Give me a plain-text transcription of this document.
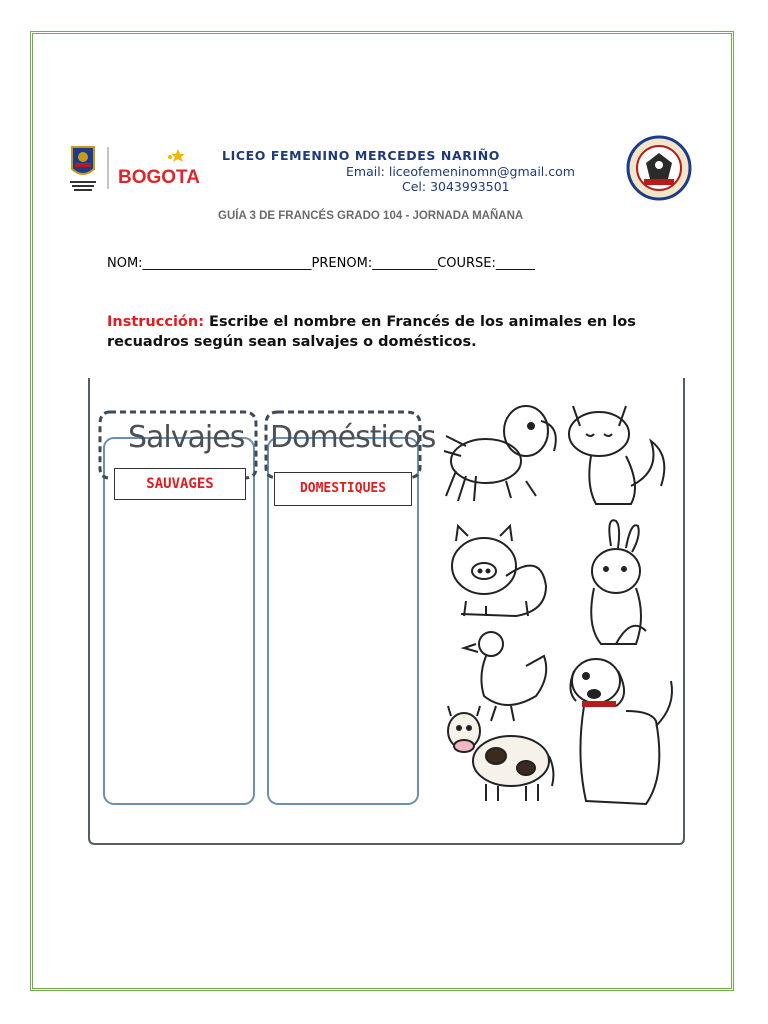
BOGOTA
LICEO FEMENINO MERCEDES NARIÑO
Email: liceofemeninomn@gmail.com
Cel: 3043993501
GUÍA 3 DE FRANCÉS GRADO 104 - JORNADA MAÑANA
NOM:__________________________PRENOM:__________COURSE:______
Instrucción: Escribe el nombre en Francés de los animales en los recuadros según sean salvajes o domésticos.
Salvajes Domésticos
SAUVAGES	DOMESTIQUES
